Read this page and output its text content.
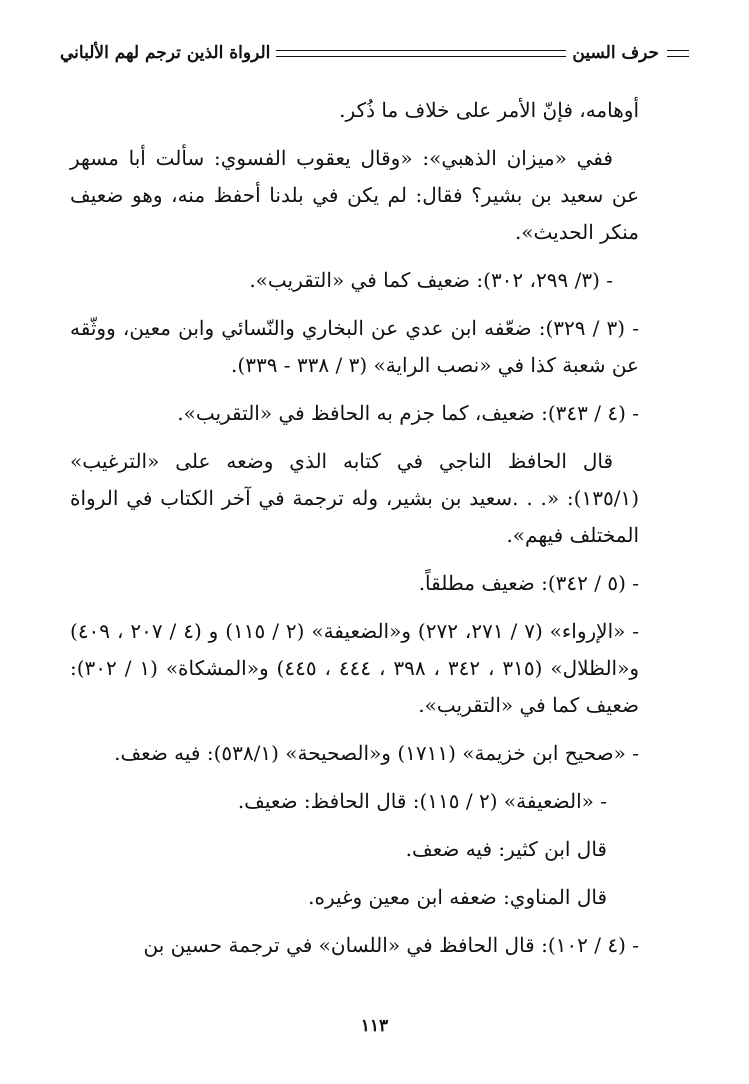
حرف السين
الرواة الذين ترجم لهم الألباني

أوهامه، فإنّ الأمر على خلاف ما ذُكر.

ففي «ميزان الذهبي»: «وقال يعقوب الفسوي: سألت أبا مسهر عن سعيد بن بشير؟ فقال: لم يكن في بلدنا أحفظ منه، وهو ضعيف منكر الحديث».

- (٣/ ٢٩٩، ٣٠٢): ضعيف كما في «التقريب».

- (٣ / ٣٢٩): ضعّفه ابن عدي عن البخاري والنّسائي وابن معين، ووثّقه عن شعبة كذا في «نصب الراية» (٣ / ٣٣٨ - ٣٣٩).

- (٤ / ٣٤٣): ضعيف، كما جزم به الحافظ في «التقريب».

قال الحافظ الناجي في كتابه الذي وضعه على «الترغيب» (١٣٥/١): «. . .سعيد بن بشير، وله ترجمة في آخر الكتاب في الرواة المختلف فيهم».

- (٥ / ٣٤٢): ضعيف مطلقاً.

- «الإرواء» (٧ / ٢٧١، ٢٧٢) و«الضعيفة» (٢ / ١١٥) و (٤ / ٢٠٧ ، ٤٠٩) و«الظلال» (٣١٥ ، ٣٤٢ ، ٣٩٨ ، ٤٤٤ ، ٤٤٥) و«المشكاة» (١ / ٣٠٢): ضعيف كما في «التقريب».

- «صحيح ابن خزيمة» (١٧١١) و«الصحيحة» (٥٣٨/١): فيه ضعف.

- «الضعيفة» (٢ / ١١٥): قال الحافظ: ضعيف.

قال ابن كثير: فيه ضعف.

قال المناوي: ضعفه ابن معين وغيره.

- (٤ / ١٠٢): قال الحافظ في «اللسان» في ترجمة حسين بن

١١٣
